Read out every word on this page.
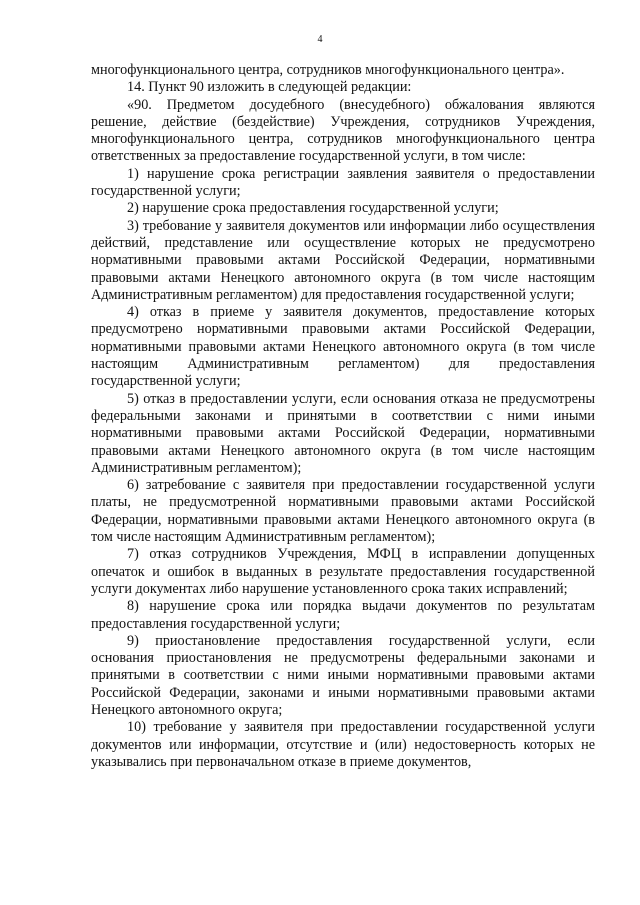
4

многофункционального центра, сотрудников многофункционального центра».

14. Пункт 90 изложить в следующей редакции:

«90. Предметом досудебного (внесудебного) обжалования являются решение, действие (бездействие) Учреждения, сотрудников Учреждения, многофункционального центра, сотрудников многофункционального центра ответственных за предоставление государственной услуги, в том числе:

1) нарушение срока регистрации заявления заявителя о предоставлении государственной услуги;

2) нарушение срока предоставления государственной услуги;

3) требование у заявителя документов или информации либо осуществления действий, представление или осуществление которых не предусмотрено нормативными правовыми актами Российской Федерации, нормативными правовыми актами Ненецкого автономного округа (в том числе настоящим Административным регламентом) для предоставления государственной услуги;

4) отказ в приеме у заявителя документов, предоставление которых предусмотрено нормативными правовыми актами Российской Федерации, нормативными правовыми актами Ненецкого автономного округа (в том числе настоящим Административным регламентом) для предоставления государственной услуги;

5) отказ в предоставлении услуги, если основания отказа не предусмотрены федеральными законами и принятыми в соответствии с ними иными нормативными правовыми актами Российской Федерации, нормативными правовыми актами Ненецкого автономного округа (в том числе настоящим Административным регламентом);

6) затребование с заявителя при предоставлении государственной услуги платы, не предусмотренной нормативными правовыми актами Российской Федерации, нормативными правовыми актами Ненецкого автономного округа (в том числе настоящим Административным регламентом);

7) отказ сотрудников Учреждения, МФЦ в исправлении допущенных опечаток и ошибок в выданных в результате предоставления государственной услуги документах либо нарушение установленного срока таких исправлений;

8) нарушение срока или порядка выдачи документов по результатам предоставления государственной услуги;

9) приостановление предоставления государственной услуги, если основания приостановления не предусмотрены федеральными законами и принятыми в соответствии с ними иными нормативными правовыми актами Российской Федерации, законами и иными нормативными правовыми актами Ненецкого автономного округа;

10) требование у заявителя при предоставлении государственной услуги документов или информации, отсутствие и (или) недостоверность которых не указывались при первоначальном отказе в приеме документов,
